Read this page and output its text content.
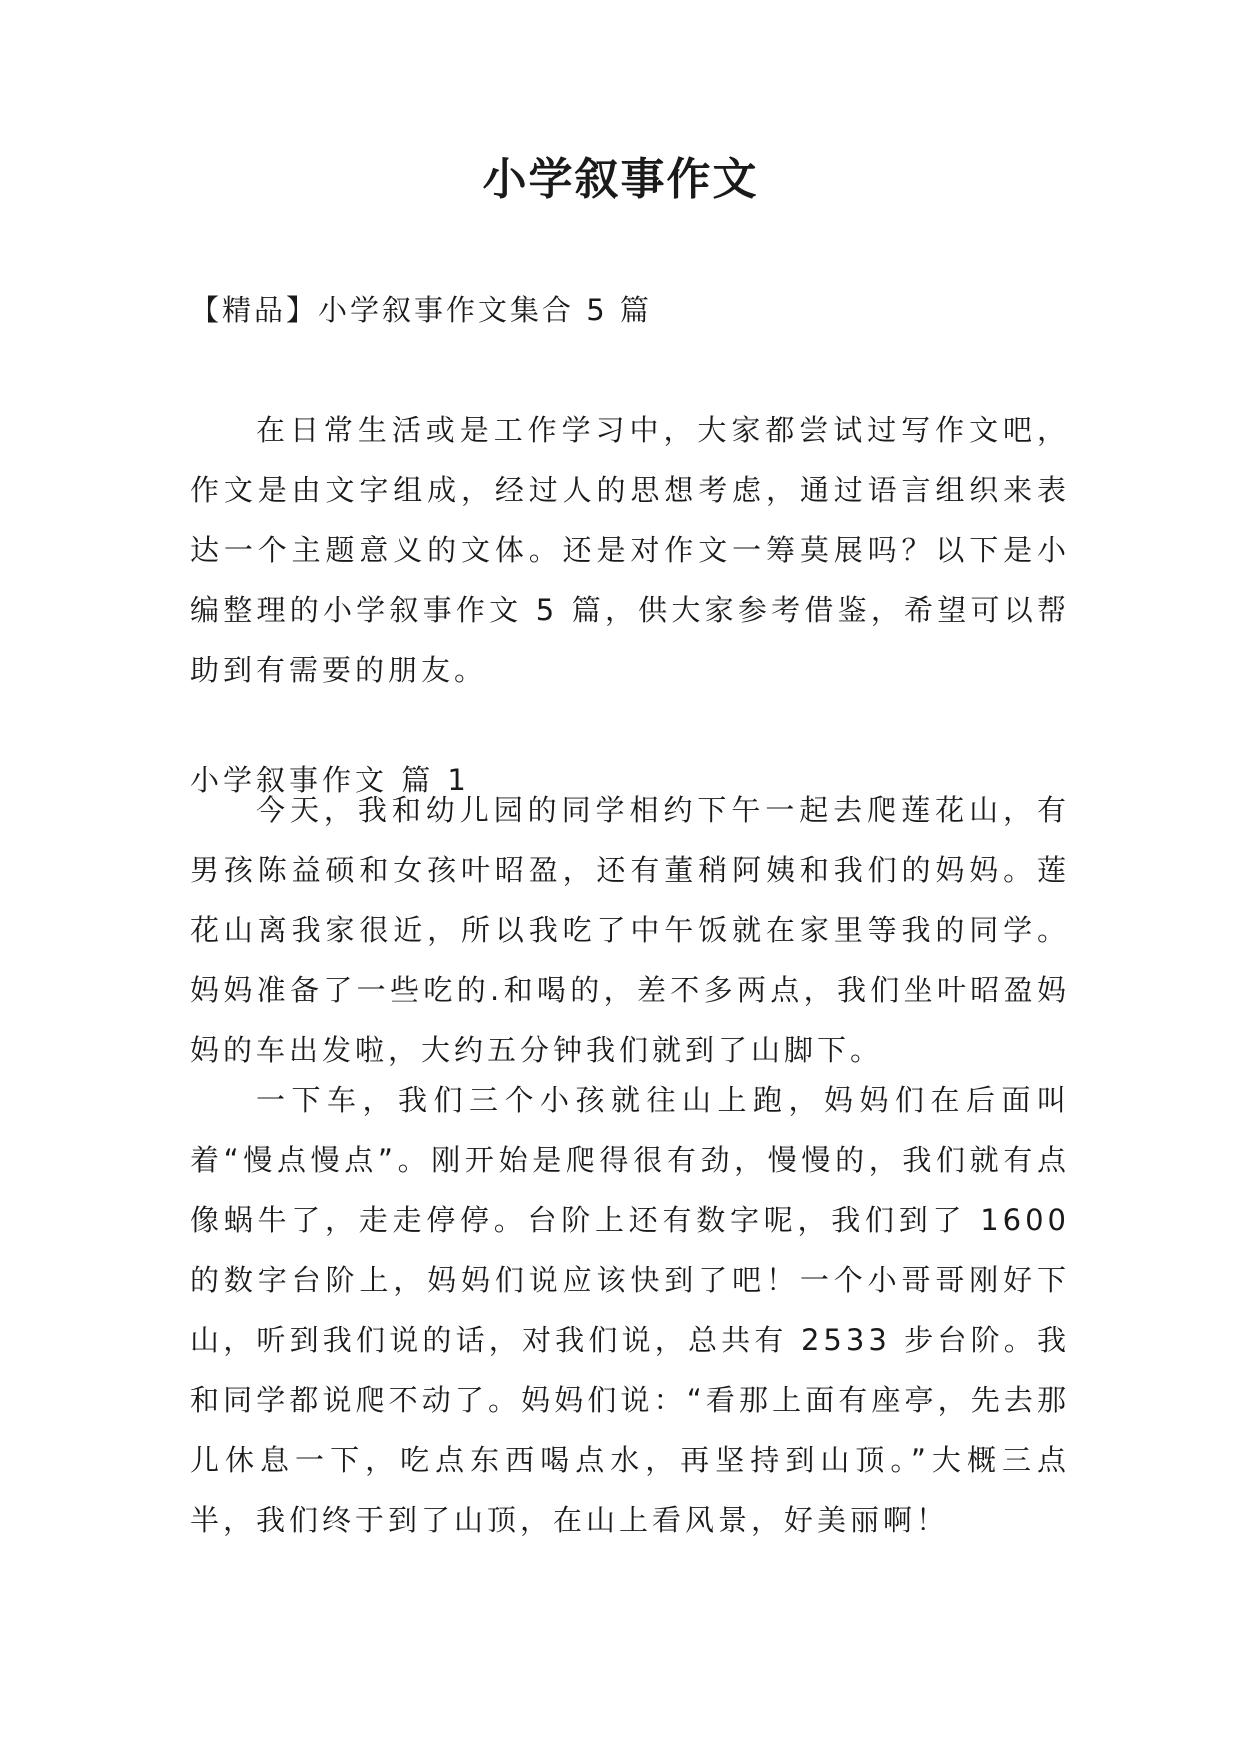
小学叙事作文
【精品】小学叙事作文集合 5 篇

在日常生活或是工作学习中，大家都尝试过写作文吧，作文是由文字组成，经过人的思想考虑，通过语言组织来表达一个主题意义的文体。还是对作文一筹莫展吗？以下是小编整理的小学叙事作文 5 篇，供大家参考借鉴，希望可以帮助到有需要的朋友。

小学叙事作文 篇 1

今天，我和幼儿园的同学相约下午一起去爬莲花山，有男孩陈益硕和女孩叶昭盈，还有董稍阿姨和我们的妈妈。莲花山离我家很近，所以我吃了中午饭就在家里等我的同学。妈妈准备了一些吃的.和喝的，差不多两点，我们坐叶昭盈妈妈的车出发啦，大约五分钟我们就到了山脚下。

一下车，我们三个小孩就往山上跑，妈妈们在后面叫着“慢点慢点”。刚开始是爬得很有劲，慢慢的，我们就有点像蜗牛了，走走停停。台阶上还有数字呢，我们到了 1600 的数字台阶上，妈妈们说应该快到了吧！一个小哥哥刚好下山，听到我们说的话，对我们说，总共有 2533 步台阶。我和同学都说爬不动了。妈妈们说：“看那上面有座亭，先去那儿休息一下，吃点东西喝点水，再坚持到山顶。”大概三点半，我们终于到了山顶，在山上看风景，好美丽啊！
